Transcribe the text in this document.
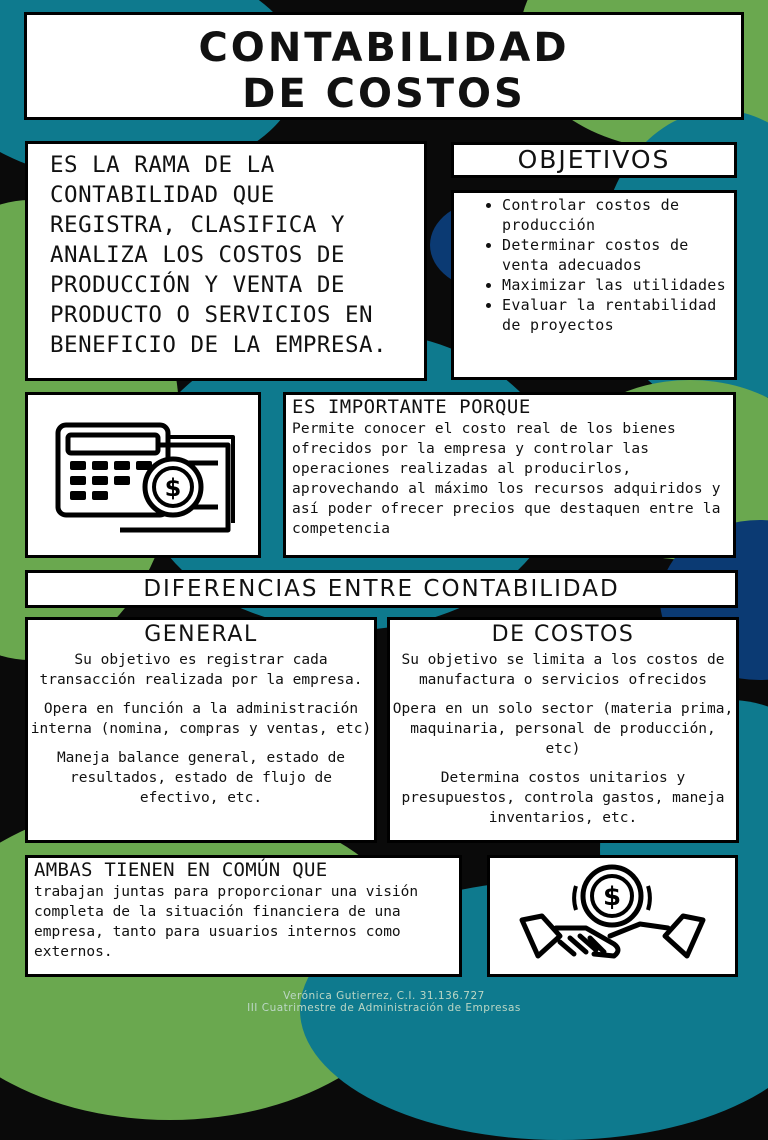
CONTABILIDAD
DE COSTOS

ES LA RAMA DE LA CONTABILIDAD QUE REGISTRA, CLASIFICA Y ANALIZA LOS COSTOS DE PRODUCCIÓN Y VENTA DE PRODUCTO O SERVICIOS EN BENEFICIO DE LA EMPRESA.

OBJETIVOS
• Controlar costos de producción
• Determinar costos de venta adecuados
• Maximizar las utilidades
• Evaluar la rentabilidad de proyectos
$
ES IMPORTANTE PORQUE
Permite conocer el costo real de los bienes ofrecidos por la empresa y controlar las operaciones realizadas al producirlos, aprovechando al máximo los recursos adquiridos y así poder ofrecer precios que destaquen entre la competencia
DIFERENCIAS ENTRE CONTABILIDAD
GENERAL

Su objetivo es registrar cada transacción realizada por la empresa.

Opera en función a la administración interna (nomina, compras y ventas, etc)

Maneja balance general, estado de resultados, estado de flujo de efectivo, etc.

DE COSTOS

Su objetivo se limita a los costos de manufactura o servicios ofrecidos

Opera en un solo sector (materia prima, maquinaria, personal de producción, etc)

Determina costos unitarios y presupuestos, controla gastos, maneja inventarios, etc.

AMBAS TIENEN EN COMÚN QUE
trabajan juntas para proporcionar una visión completa de la situación financiera de una empresa, tanto para usuarios internos como externos.
$
Verónica Gutierrez, C.I. 31.136.727
III Cuatrimestre de Administración de Empresas
